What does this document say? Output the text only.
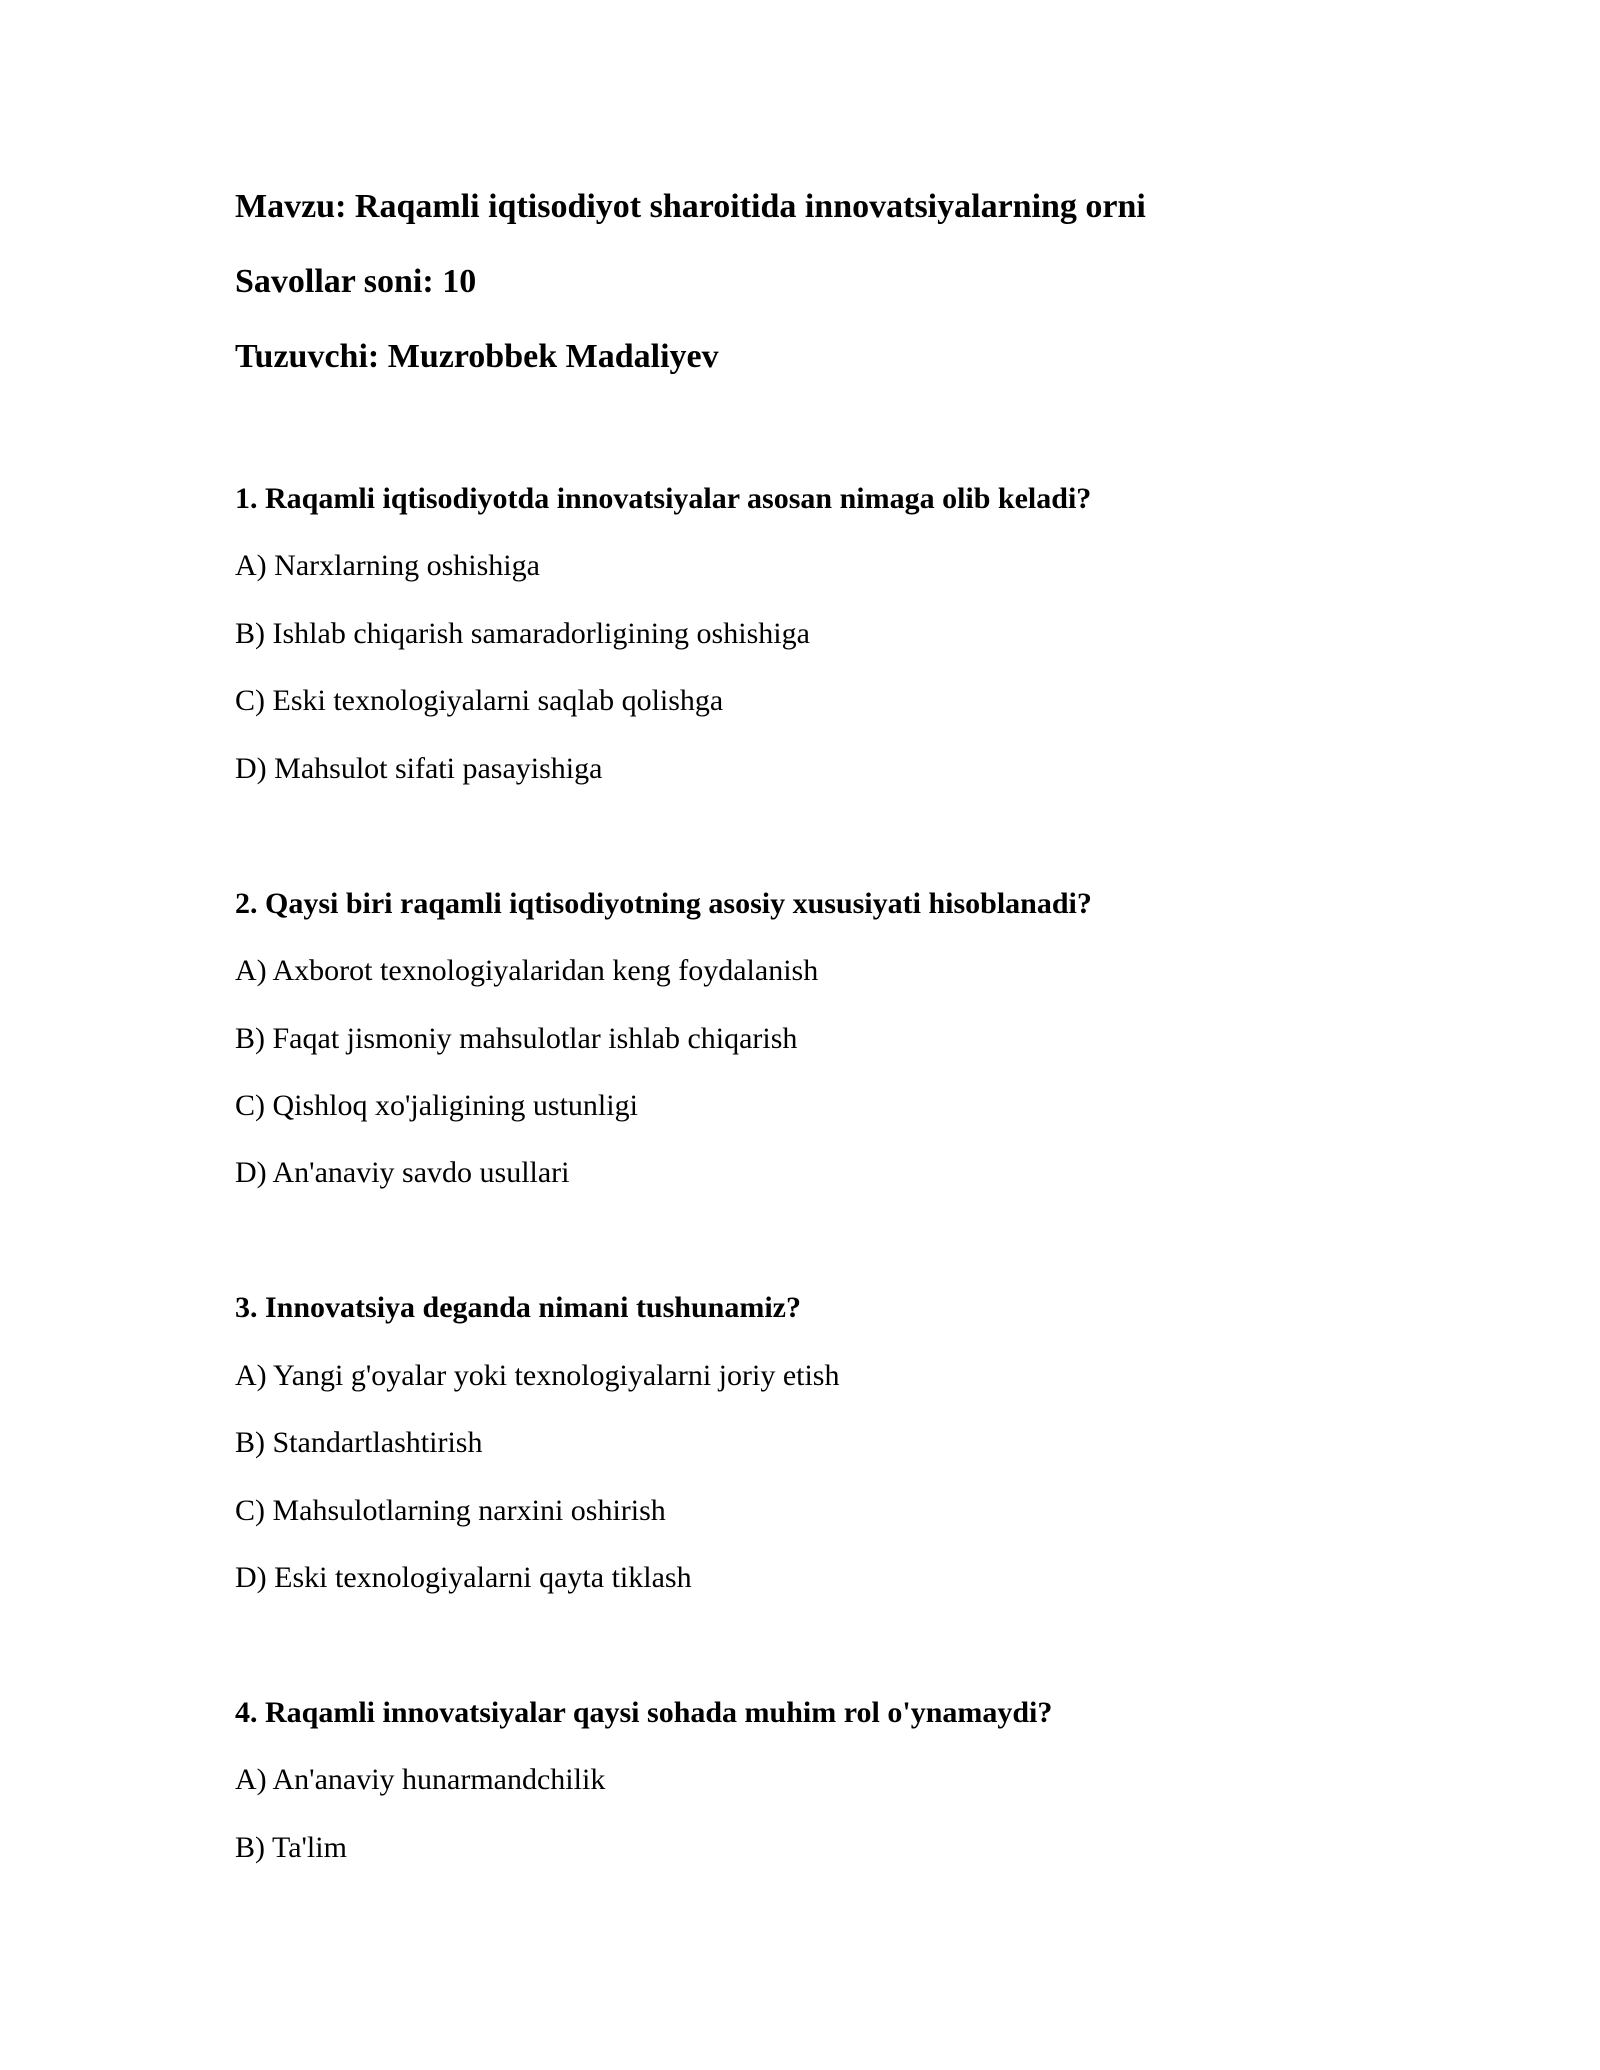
Mavzu: Raqamli iqtisodiyot sharoitida innovatsiyalarning orni
Savollar soni: 10
Tuzuvchi: Muzrobbek Madaliyev
1. Raqamli iqtisodiyotda innovatsiyalar asosan nimaga olib keladi?
A) Narxlarning oshishiga
B) Ishlab chiqarish samaradorligining oshishiga
C) Eski texnologiyalarni saqlab qolishga
D) Mahsulot sifati pasayishiga
2. Qaysi biri raqamli iqtisodiyotning asosiy xususiyati hisoblanadi?
A) Axborot texnologiyalaridan keng foydalanish
B) Faqat jismoniy mahsulotlar ishlab chiqarish
C) Qishloq xo'jaligining ustunligi
D) An'anaviy savdo usullari
3. Innovatsiya deganda nimani tushunamiz?
A) Yangi g'oyalar yoki texnologiyalarni joriy etish
B) Standartlashtirish
C) Mahsulotlarning narxini oshirish
D) Eski texnologiyalarni qayta tiklash
4. Raqamli innovatsiyalar qaysi sohada muhim rol o'ynamaydi?
A) An'anaviy hunarmandchilik
B) Ta'lim
